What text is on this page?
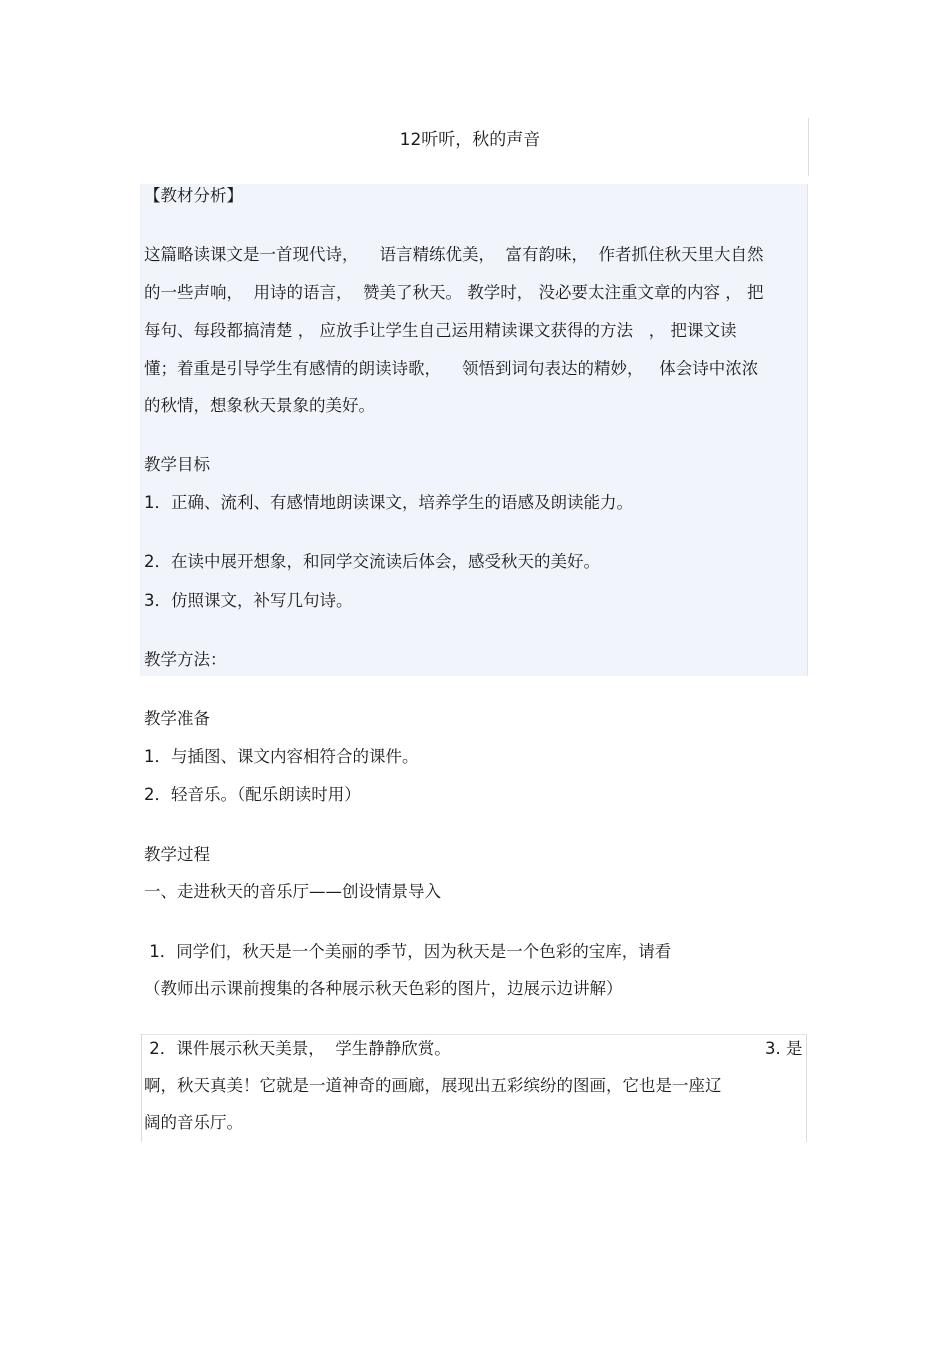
12听听，秋的声音
【教材分析】
这篇略读课文是一首现代诗，    语言精练优美，  富有韵味，  作者抓住秋天里大自然
的一些声响，  用诗的语言，  赞美了秋天。 教学时， 没必要太注重文章的内容 ， 把
每句、每段都搞清楚 ， 应放手让学生自己运用精读课文获得的方法   ， 把课文读
懂；着重是引导学生有感情的朗读诗歌，    领悟到词句表达的精妙，   体会诗中浓浓
的秋情，想象秋天景象的美好。
教学目标
1．正确、流利、有感情地朗读课文，培养学生的语感及朗读能力。
2．在读中展开想象，和同学交流读后体会，感受秋天的美好。
3．仿照课文，补写几句诗。
教学方法：
教学准备
1．与插图、课文内容相符合的课件。
2．轻音乐。（配乐朗读时用）
教学过程
一、走进秋天的音乐厅——创设情景导入
1．同学们，秋天是一个美丽的季节，因为秋天是一个色彩的宝库，请看
（教师出示课前搜集的各种展示秋天色彩的图片，边展示边讲解）
2．课件展示秋天美景，  学生静静欣赏。	3. 是
啊，秋天真美！它就是一道神奇的画廊，展现出五彩缤纷的图画，它也是一座辽
阔的音乐厅。
